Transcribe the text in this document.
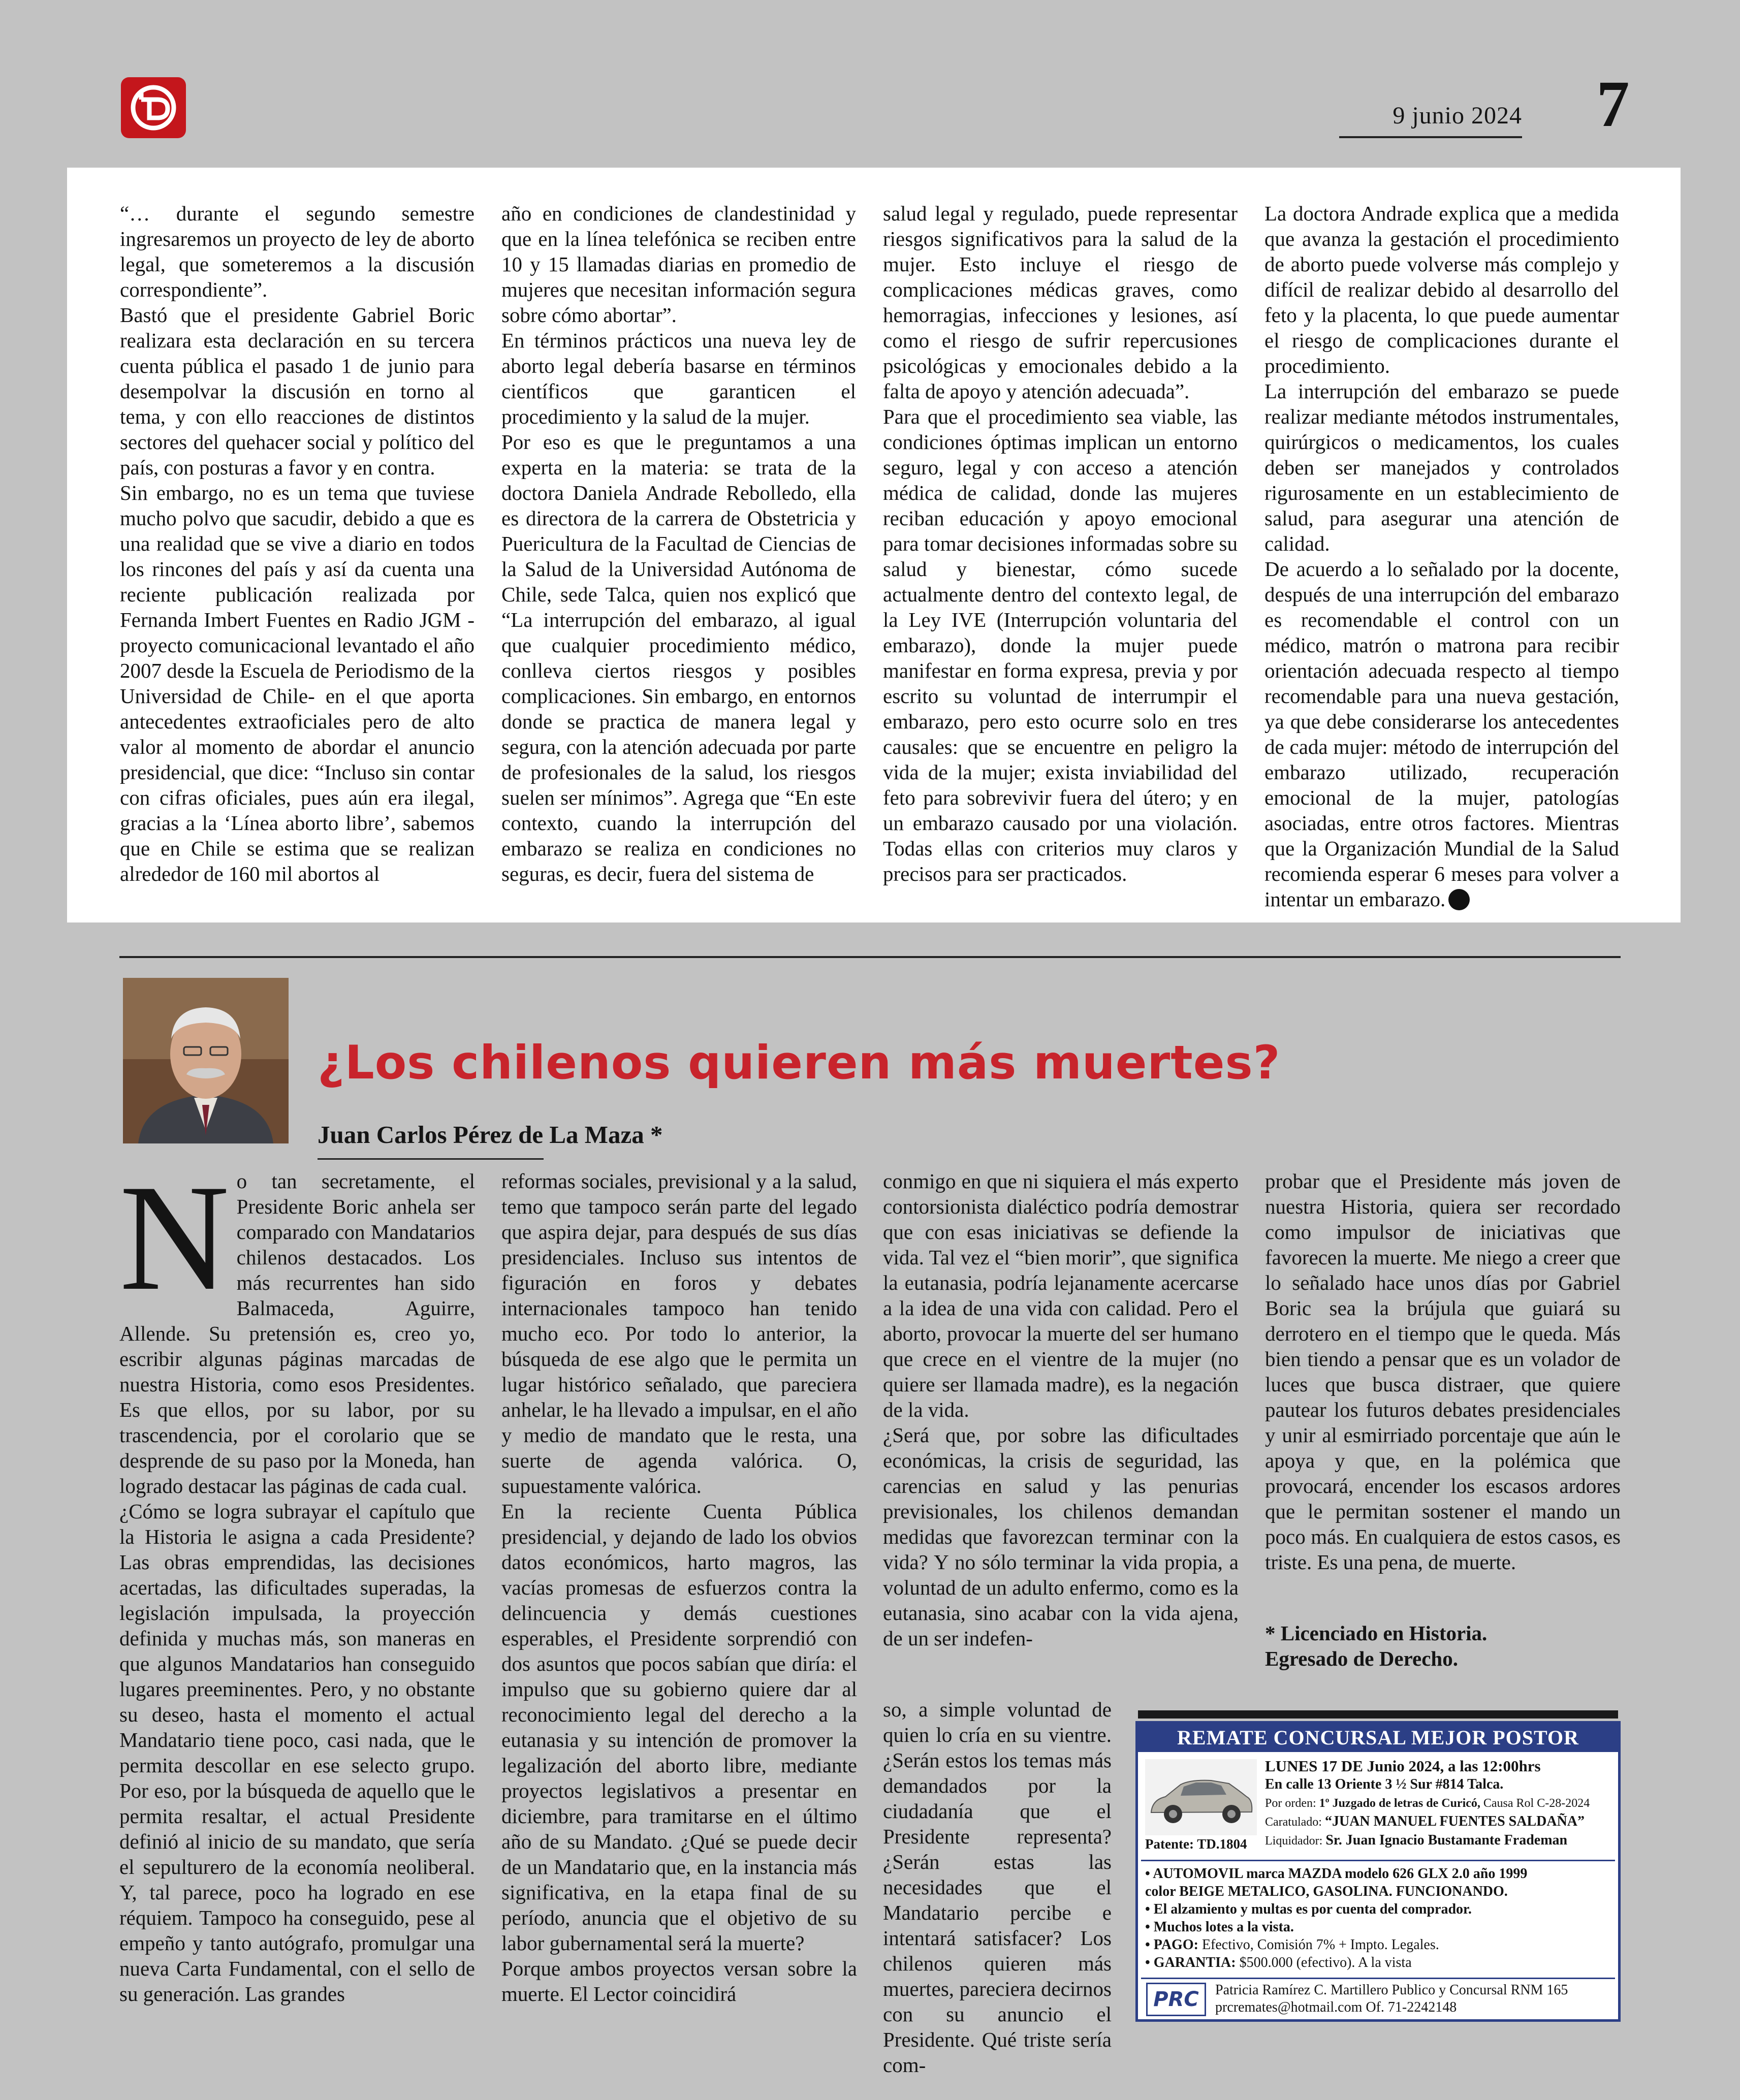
9 junio 2024 7

“… durante el segundo semestre ingresaremos un proyecto de ley de aborto legal, que someteremos a la discusión correspondiente”.

Bastó que el presidente Gabriel Boric realizara esta declaración en su tercera cuenta pública el pasado 1 de junio para desempolvar la discusión en torno al tema, y con ello reacciones de distintos sectores del quehacer social y político del país, con posturas a favor y en contra.

Sin embargo, no es un tema que tuviese mucho polvo que sacudir, debido a que es una realidad que se vive a diario en todos los rincones del país y así da cuenta una reciente publicación realizada por Fernanda Imbert Fuentes en Radio JGM -proyecto comunicacional levantado el año 2007 desde la Escuela de Periodismo de la Universidad de Chile- en el que aporta antecedentes extraoficiales pero de alto valor al momento de abordar el anuncio presidencial, que dice: “Incluso sin contar con cifras oficiales, pues aún era ilegal, gracias a la ‘Línea aborto libre’, sabemos que en Chile se estima que se realizan alrededor de 160 mil abortos al

año en condiciones de clandestinidad y que en la línea telefónica se reciben entre 10 y 15 llamadas diarias en promedio de mujeres que necesitan información segura sobre cómo abortar”.

En términos prácticos una nueva ley de aborto legal debería basarse en términos científicos que garanticen el procedimiento y la salud de la mujer.

Por eso es que le preguntamos a una experta en la materia: se trata de la doctora Daniela Andrade Rebolledo, ella es directora de la carrera de Obstetricia y Puericultura de la Facultad de Ciencias de la Salud de la Universidad Autónoma de Chile, sede Talca, quien nos explicó que “La interrupción del embarazo, al igual que cualquier procedimiento médico, conlleva ciertos riesgos y posibles complicaciones. Sin embargo, en entornos donde se practica de manera legal y segura, con la atención adecuada por parte de profesionales de la salud, los riesgos suelen ser mínimos”. Agrega que “En este contexto, cuando la interrupción del embarazo se realiza en condiciones no seguras, es decir, fuera del sistema de

salud legal y regulado, puede representar riesgos significativos para la salud de la mujer. Esto incluye el riesgo de complicaciones médicas graves, como hemorragias, infecciones y lesiones, así como el riesgo de sufrir repercusiones psicológicas y emocionales debido a la falta de apoyo y atención adecuada”.

Para que el procedimiento sea viable, las condiciones óptimas implican un entorno seguro, legal y con acceso a atención médica de calidad, donde las mujeres reciban educación y apoyo emocional para tomar decisiones informadas sobre su salud y bienestar, cómo sucede actualmente dentro del contexto legal, de la Ley IVE (Interrupción voluntaria del embarazo), donde la mujer puede manifestar en forma expresa, previa y por escrito su voluntad de interrumpir el embarazo, pero esto ocurre solo en tres causales: que se encuentre en peligro la vida de la mujer; exista inviabilidad del feto para sobrevivir fuera del útero; y en un embarazo causado por una violación. Todas ellas con criterios muy claros y precisos para ser practicados.

La doctora Andrade explica que a medida que avanza la gestación el procedimiento de aborto puede volverse más complejo y difícil de realizar debido al desarrollo del feto y la placenta, lo que puede aumentar el riesgo de complicaciones durante el procedimiento.

La interrupción del embarazo se puede realizar mediante métodos instrumentales, quirúrgicos o medicamentos, los cuales deben ser manejados y controlados rigurosamente en un establecimiento de salud, para asegurar una atención de calidad.

De acuerdo a lo señalado por la docente, después de una interrupción del embarazo es recomendable el control con un médico, matrón o matrona para recibir orientación adecuada respecto al tiempo recomendable para una nueva gestación, ya que debe considerarse los antecedentes de cada mujer: método de interrupción del embarazo utilizado, recuperación emocional de la mujer, patologías asociadas, entre otros factores. Mientras que la Organización Mundial de la Salud recomienda esperar 6 meses para volver a intentar un embarazo.

¿Los chilenos quieren más muertes?
Juan Carlos Pérez de La Maza *

No tan secretamente, el Presidente Boric anhela ser comparado con Mandatarios chilenos destacados. Los más recurrentes han sido Balmaceda, Aguirre, Allende. Su pretensión es, creo yo, escribir algunas páginas marcadas de nuestra Historia, como esos Presidentes. Es que ellos, por su labor, por su trascendencia, por el corolario que se desprende de su paso por la Moneda, han logrado destacar las páginas de cada cual.

¿Cómo se logra subrayar el capítulo que la Historia le asigna a cada Presidente? Las obras emprendidas, las decisiones acertadas, las dificultades superadas, la legislación impulsada, la proyección definida y muchas más, son maneras en que algunos Mandatarios han conseguido lugares preeminentes. Pero, y no obstante su deseo, hasta el momento el actual Mandatario tiene poco, casi nada, que le permita descollar en ese selecto grupo. Por eso, por la búsqueda de aquello que le permita resaltar, el actual Presidente definió al inicio de su mandato, que sería el sepulturero de la economía neoliberal. Y, tal parece, poco ha logrado en ese réquiem. Tampoco ha conseguido, pese al empeño y tanto autógrafo, promulgar una nueva Carta Fundamental, con el sello de su generación. Las grandes

reformas sociales, previsional y a la salud, temo que tampoco serán parte del legado que aspira dejar, para después de sus días presidenciales. Incluso sus intentos de figuración en foros y debates internacionales tampoco han tenido mucho eco. Por todo lo anterior, la búsqueda de ese algo que le permita un lugar histórico señalado, que pareciera anhelar, le ha llevado a impulsar, en el año y medio de mandato que le resta, una suerte de agenda valórica. O, supuestamente valórica.

En la reciente Cuenta Pública presidencial, y dejando de lado los obvios datos económicos, harto magros, las vacías promesas de esfuerzos contra la delincuencia y demás cuestiones esperables, el Presidente sorprendió con dos asuntos que pocos sabían que diría: el impulso que su gobierno quiere dar al reconocimiento legal del derecho a la eutanasia y su intención de promover la legalización del aborto libre, mediante proyectos legislativos a presentar en diciembre, para tramitarse en el último año de su Mandato. ¿Qué se puede decir de un Mandatario que, en la instancia más significativa, en la etapa final de su período, anuncia que el objetivo de su labor gubernamental será la muerte?

Porque ambos proyectos versan sobre la muerte. El Lector coincidirá

conmigo en que ni siquiera el más experto contorsionista dialéctico podría demostrar que con esas iniciativas se defiende la vida. Tal vez el “bien morir”, que significa la eutanasia, podría lejanamente acercarse a la idea de una vida con calidad. Pero el aborto, provocar la muerte del ser humano que crece en el vientre de la mujer (no quiere ser llamada madre), es la negación de la vida.

¿Será que, por sobre las dificultades económicas, la crisis de seguridad, las carencias en salud y las penurias previsionales, los chilenos demandan medidas que favorezcan terminar con la vida? Y no sólo terminar la vida propia, a voluntad de un adulto enfermo, como es la eutanasia, sino acabar con la vida ajena, de un ser indefen-

so, a simple voluntad de quien lo cría en su vientre. ¿Serán estos los temas más demandados por la ciudadanía que el Presidente representa? ¿Serán estas las necesidades que el Mandatario percibe e intentará satisfacer? Los chilenos quieren más muertes, pareciera decirnos con su anuncio el Presidente. Qué triste sería com-

probar que el Presidente más joven de nuestra Historia, quiera ser recordado como impulsor de iniciativas que favorecen la muerte. Me niego a creer que lo señalado hace unos días por Gabriel Boric sea la brújula que guiará su derrotero en el tiempo que le queda. Más bien tiendo a pensar que es un volador de luces que busca distraer, que quiere pautear los futuros debates presidenciales y unir al esmirriado porcentaje que aún le apoya y que, en la polémica que provocará, encender los escasos ardores que le permitan sostener el mando un poco más. En cualquiera de estos casos, es triste. Es una pena, de muerte.

* Licenciado en Historia.

Egresado de Derecho.

REMATE CONCURSAL MEJOR POSTOR
Patente: TD.1804
LUNES 17 DE Junio 2024, a las 12:00hrs
En calle 13 Oriente 3 ½ Sur #814 Talca.
Por orden: 1º Juzgado de letras de Curicó, Causa Rol C-28-2024
Caratulado: “JUAN MANUEL FUENTES SALDAÑA”
Liquidador: Sr. Juan Ignacio Bustamante Frademan
• AUTOMOVIL marca MAZDA modelo 626 GLX 2.0 año 1999
color BEIGE METALICO, GASOLINA. FUNCIONANDO.
• El alzamiento y multas es por cuenta del comprador.
• Muchos lotes a la vista.
• PAGO: Efectivo, Comisión 7% + Impto. Legales.
• GARANTIA: $500.000 (efectivo). A la vista
PRC	Patricia Ramírez C. Martillero Publico y Concursal RNM 165
prcremates@hotmail.com Of. 71-2242148
